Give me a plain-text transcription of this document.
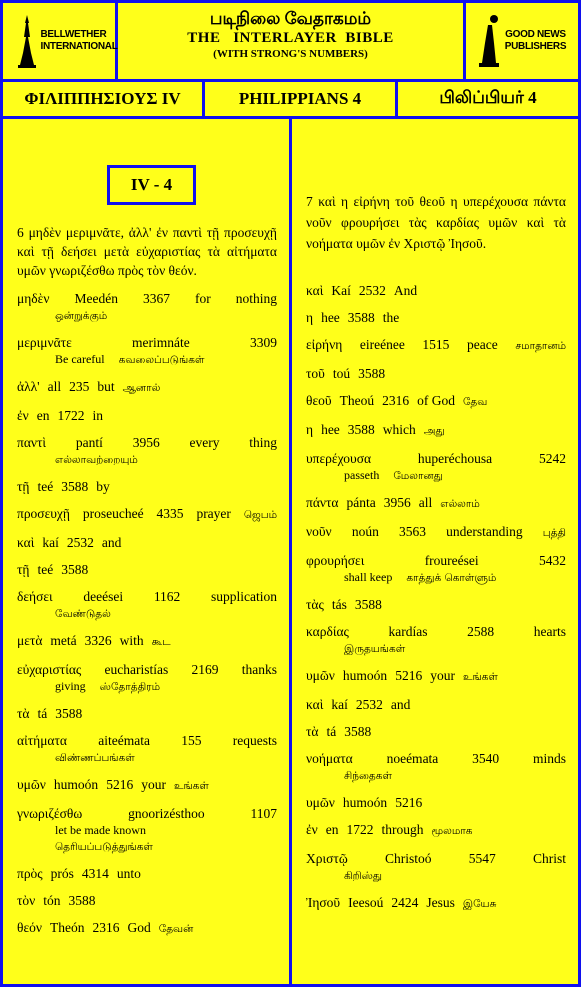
BELLWETHER INTERNATIONAL
படிநிலை வேதாகமம்
THE   INTERLAYER  BIBLE
(WITH STRONG'S NUMBERS)
GOOD NEWS PUBLISHERS
ΦΙΛΙΠΠΗΣΙΟΥΣ IV	PHILIPPIANS 4	பிலிப்பியர் 4

6 μηδὲν μεριμνᾶτε, ἀλλ' ἐν παντὶ τῇ προσευχῇ καὶ τῇ δεήσει μετὰ εὐχαριστίας τὰ αἰτήματα υμῶν γνωριζέσθω πρὸς τὸν θεόν.

μηδὲν Meedén 3367 for nothing
ஒன்றுக்கும்
μεριμνᾶτε	merimnáte	3309
Be careful கவலைப்படுங்கள்
ἀλλ' all 235 but ஆனால்
ἐν en 1722 in
παντὶ pantí 3956 every thing
எல்லாவற்றையும்
τῇ teé 3588 by
προσευχῇ proseucheé 4335 prayer ஜெபம்
καὶ kaí 2532 and
τῇ teé 3588
δεήσει deeései 1162 supplication
வேண்டுதல்
μετὰ metá 3326 with கூட
εὐχαριστίας eucharistías 2169 thanks
giving ஸ்தோத்திரம்
τὰ tá 3588
αἰτήματα aiteémata 155 requests
விண்ணப்பங்கள்
υμῶν humoón 5216 your உங்கள்
γνωριζέσθω	gnoorizésthoo	1107
let be made known
தெரியப்படுத்துங்கள்
πρὸς prós 4314 unto
τὸν tón 3588
θεόν Theón 2316 God தேவன்
IV - 4

7 καὶ η εἰρήνη τοῦ θεοῦ η υπερέχουσα πάντα νοῦν φρουρήσει τὰς καρδίας υμῶν καὶ τὰ νοήματα υμῶν ἐν Χριστῷ Ἰησοῦ.

καὶ Kaí 2532 And
η hee 3588 the
εἰρήνη eireénee 1515 peace சமாதானம்
τοῦ toú 3588
θεοῦ Theoú 2316 of God தேவ
η hee 3588 which அது
υπερέχουσα	huperéchousa	5242
passeth மேலானது
πάντα pánta 3956 all எல்லாம்
νοῦν noún 3563 understanding புத்தி
φρουρήσει	froureései	5432
shall keep காத்துக் கொள்ளும்
τὰς tás 3588
καρδίας	kardías	2588	hearts
இருதயங்கள்
υμῶν humoón 5216 your உங்கள்
καὶ kaí 2532 and
τὰ tá 3588
νοήματα	noeémata	3540	minds
சிந்தைகள்
υμῶν humoón 5216
ἐν en 1722 through மூலமாக
Χριστῷ	Christoó	5547	Christ
கிறிஸ்து
Ἰησοῦ Ieesoú 2424 Jesus இயேசு
